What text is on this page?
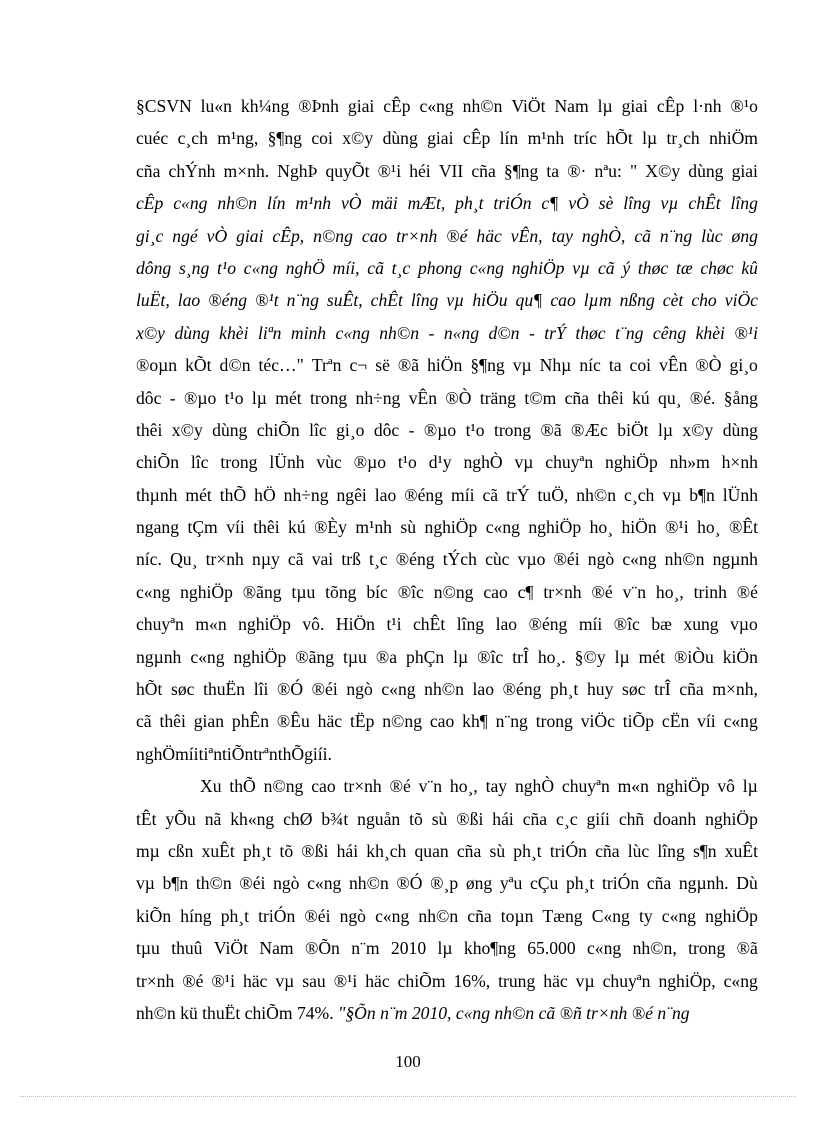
§CSVN lu«n kh¼ng ®Þnh giai cÊp c«ng nh©n ViÖt Nam lµ giai cÊp l·nh ®¹o
cuéc c¸ch m¹ng, §¶ng coi x©y dùng giai cÊp lín m¹nh tríc hÕt lµ tr¸ch nhiÖm
cña chÝnh m×nh. NghÞ quyÕt ®¹i héi VII cña §¶ng ta ®· nªu: " X©y dùng giai
cÊp c«ng nh©n lín m¹nh vÒ mäi mÆt, ph¸t triÓn c¶ vÒ sè lîng vµ chÊt lîng
gi¸c ngé vÒ giai cÊp, n©ng cao tr×nh ®é häc vÊn, tay nghÒ, cã n¨ng lùc øng
dông s¸ng t¹o c«ng nghÖ míi, cã t¸c phong c«ng nghiÖp vµ cã ý thøc tæ chøc kû
luËt, lao ®éng ®¹t n¨ng suÊt, chÊt lîng vµ hiÖu qu¶ cao lµm nßng cèt cho viÖc
x©y dùng khèi liªn minh c«ng nh©n - n«ng d©n - trÝ thøc t¨ng cêng khèi ®¹i
®oµn kÕt d©n téc…" Trªn c¬ së ®ã hiÖn §¶ng vµ Nhµ níc ta coi vÊn ®Ò gi¸o
dôc - ®µo t¹o lµ mét trong nh÷ng vÊn ®Ò träng t©m cña thêi kú qu¸ ®é. §ång
thêi x©y dùng chiÕn lîc gi¸o dôc - ®µo t¹o trong ®ã ®Æc biÖt lµ x©y dùng
chiÕn lîc trong lÜnh vùc ®µo t¹o d¹y nghÒ vµ chuyªn nghiÖp nh»m h×nh
thµnh mét thÕ hÖ nh÷ng ngêi lao ®éng míi cã trÝ tuÖ, nh©n c¸ch vµ b¶n lÜnh
ngang tÇm víi thêi kú ®Èy m¹nh sù nghiÖp c«ng nghiÖp ho¸ hiÖn ®¹i ho¸ ®Êt
níc. Qu¸ tr×nh nµy cã vai trß t¸c ®éng tÝch cùc vµo ®éi ngò c«ng nh©n ngµnh
c«ng nghiÖp ®ãng tµu tõng bíc ®îc n©ng cao c¶ tr×nh ®é v¨n ho¸, trinh ®é
chuyªn m«n nghiÖp vô. HiÖn t¹i chÊt lîng lao ®éng míi ®îc bæ xung vµo
ngµnh c«ng nghiÖp ®ãng tµu ®a phÇn lµ ®îc trÎ ho¸. §©y lµ mét ®iÒu kiÖn
hÕt søc thuËn lîi ®Ó ®éi ngò c«ng nh©n lao ®éng ph¸t huy søc trÎ cña m×nh,
cã thêi gian phÊn ®Êu häc tËp n©ng cao kh¶ n¨ng trong viÖc tiÕp cËn víi c«ng
nghÖ míi tiªn tiÕn trªn thÕ giíi.
Xu thÕ n©ng cao tr×nh ®é v¨n ho¸, tay nghÒ chuyªn m«n nghiÖp vô lµ
tÊt yÕu nã kh«ng chØ b¾t nguån tõ sù ®ßi hái cña c¸c giíi chñ doanh nghiÖp
mµ cßn xuÊt ph¸t tõ ®ßi hái kh¸ch quan cña sù ph¸t triÓn cña lùc lîng s¶n xuÊt
vµ b¶n th©n ®éi ngò c«ng nh©n ®Ó ®¸p øng yªu cÇu ph¸t triÓn cña ngµnh. Dù
kiÕn híng ph¸t triÓn ®éi ngò c«ng nh©n cña toµn Tæng C«ng ty c«ng nghiÖp
tµu thuû ViÖt Nam ®Õn n¨m 2010 lµ kho¶ng 65.000 c«ng nh©n, trong ®ã
tr×nh ®é ®¹i häc vµ sau ®¹i häc chiÕm 16%, trung häc vµ chuyªn nghiÖp, c«ng
nh©n kü thuËt chiÕm 74%. "§Õn n¨m 2010, c«ng nh©n cã ®ñ tr×nh ®é n¨ng
100
